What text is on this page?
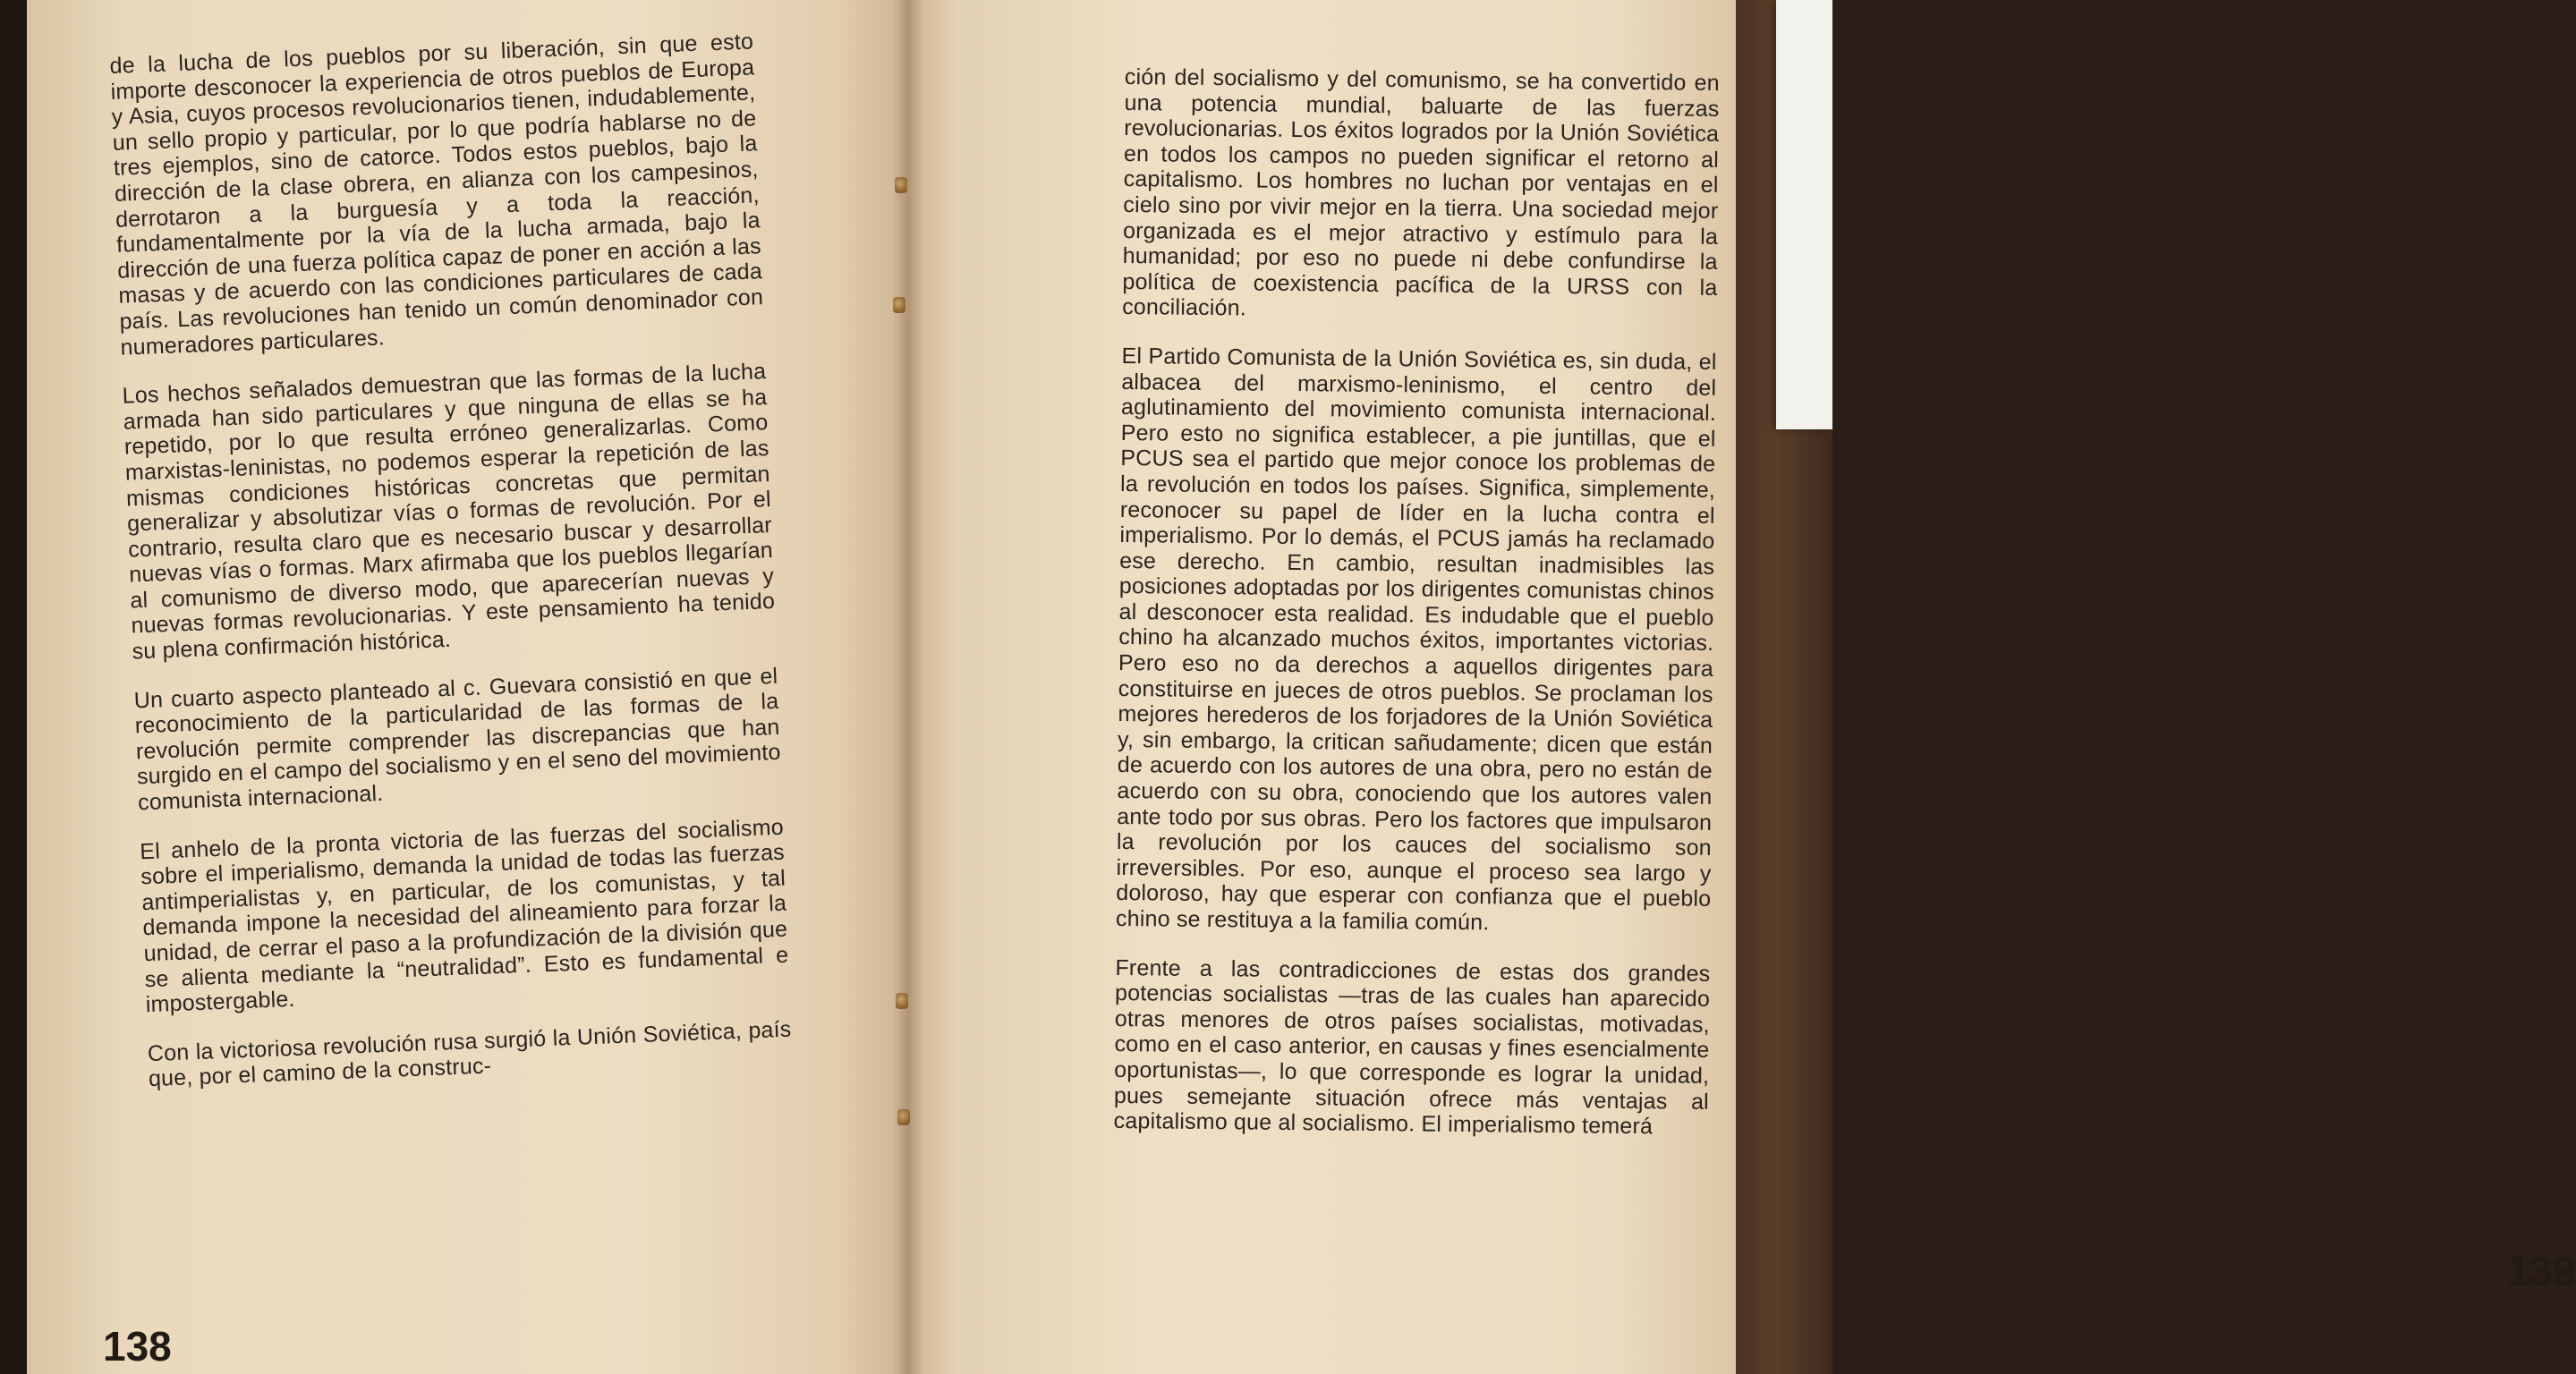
de la lucha de los pueblos por su liberación, sin que esto importe desconocer la experiencia de otros pueblos de Europa y Asia, cuyos procesos revolucionarios tienen, indudablemente, un sello propio y particular, por lo que podría hablarse no de tres ejemplos, sino de catorce. Todos estos pueblos, bajo la dirección de la clase obrera, en alianza con los campesinos, derrotaron a la burguesía y a toda la reacción, fundamentalmente por la vía de la lucha armada, bajo la dirección de una fuerza política capaz de poner en acción a las masas y de acuerdo con las condiciones particulares de cada país. Las revoluciones han tenido un común denominador con numeradores particulares.

Los hechos señalados demuestran que las formas de la lucha armada han sido particulares y que ninguna de ellas se ha repetido, por lo que resulta erróneo generalizarlas. Como marxistas-leninistas, no podemos esperar la repetición de las mismas condiciones históricas concretas que permitan generalizar y absolutizar vías o formas de revolución. Por el contrario, resulta claro que es necesario buscar y desarrollar nuevas vías o formas. Marx afirmaba que los pueblos llegarían al comunismo de diverso modo, que aparecerían nuevas y nuevas formas revolucionarias. Y este pensamiento ha tenido su plena confirmación histórica.

Un cuarto aspecto planteado al c. Guevara consistió en que el reconocimiento de la particularidad de las formas de la revolución permite comprender las discrepancias que han surgido en el campo del socialismo y en el seno del movimiento comunista internacional.

El anhelo de la pronta victoria de las fuerzas del socialismo sobre el imperialismo, demanda la unidad de todas las fuerzas antimperialistas y, en particular, de los comunistas, y tal demanda impone la necesidad del alineamiento para forzar la unidad, de cerrar el paso a la profundización de la división que se alienta mediante la “neutralidad”. Esto es fundamental e impostergable.

Con la victoriosa revolución rusa surgió la Unión Soviética, país que, por el camino de la construc-

138

ción del socialismo y del comunismo, se ha convertido en una potencia mundial, baluarte de las fuerzas revolucionarias. Los éxitos logrados por la Unión Soviética en todos los campos no pueden significar el retorno al capitalismo. Los hombres no luchan por ventajas en el cielo sino por vivir mejor en la tierra. Una sociedad mejor organizada es el mejor atractivo y estímulo para la humanidad; por eso no puede ni debe confundirse la política de coexistencia pacífica de la URSS con la conciliación.

El Partido Comunista de la Unión Soviética es, sin duda, el albacea del marxismo-leninismo, el centro del aglutinamiento del movimiento comunista internacional. Pero esto no significa establecer, a pie juntillas, que el PCUS sea el partido que mejor conoce los problemas de la revolución en todos los países. Significa, simplemente, reconocer su papel de líder en la lucha contra el imperialismo. Por lo demás, el PCUS jamás ha reclamado ese derecho. En cambio, resultan inadmisibles las posiciones adoptadas por los dirigentes comunistas chinos al desconocer esta realidad. Es indudable que el pueblo chino ha alcanzado muchos éxitos, importantes victorias. Pero eso no da derechos a aquellos dirigentes para constituirse en jueces de otros pueblos. Se proclaman los mejores herederos de los forjadores de la Unión Soviética y, sin embargo, la critican sañudamente; dicen que están de acuerdo con los autores de una obra, pero no están de acuerdo con su obra, conociendo que los autores valen ante todo por sus obras. Pero los factores que impulsaron la revolución por los cauces del socialismo son irreversibles. Por eso, aunque el proceso sea largo y doloroso, hay que esperar con confianza que el pueblo chino se restituya a la familia común.

Frente a las contradicciones de estas dos grandes potencias socialistas —tras de las cuales han aparecido otras menores de otros países socialistas, motivadas, como en el caso anterior, en causas y fines esencialmente oportunistas—, lo que corresponde es lograr la unidad, pues semejante situación ofrece más ventajas al capitalismo que al socialismo. El imperialismo temerá

139
